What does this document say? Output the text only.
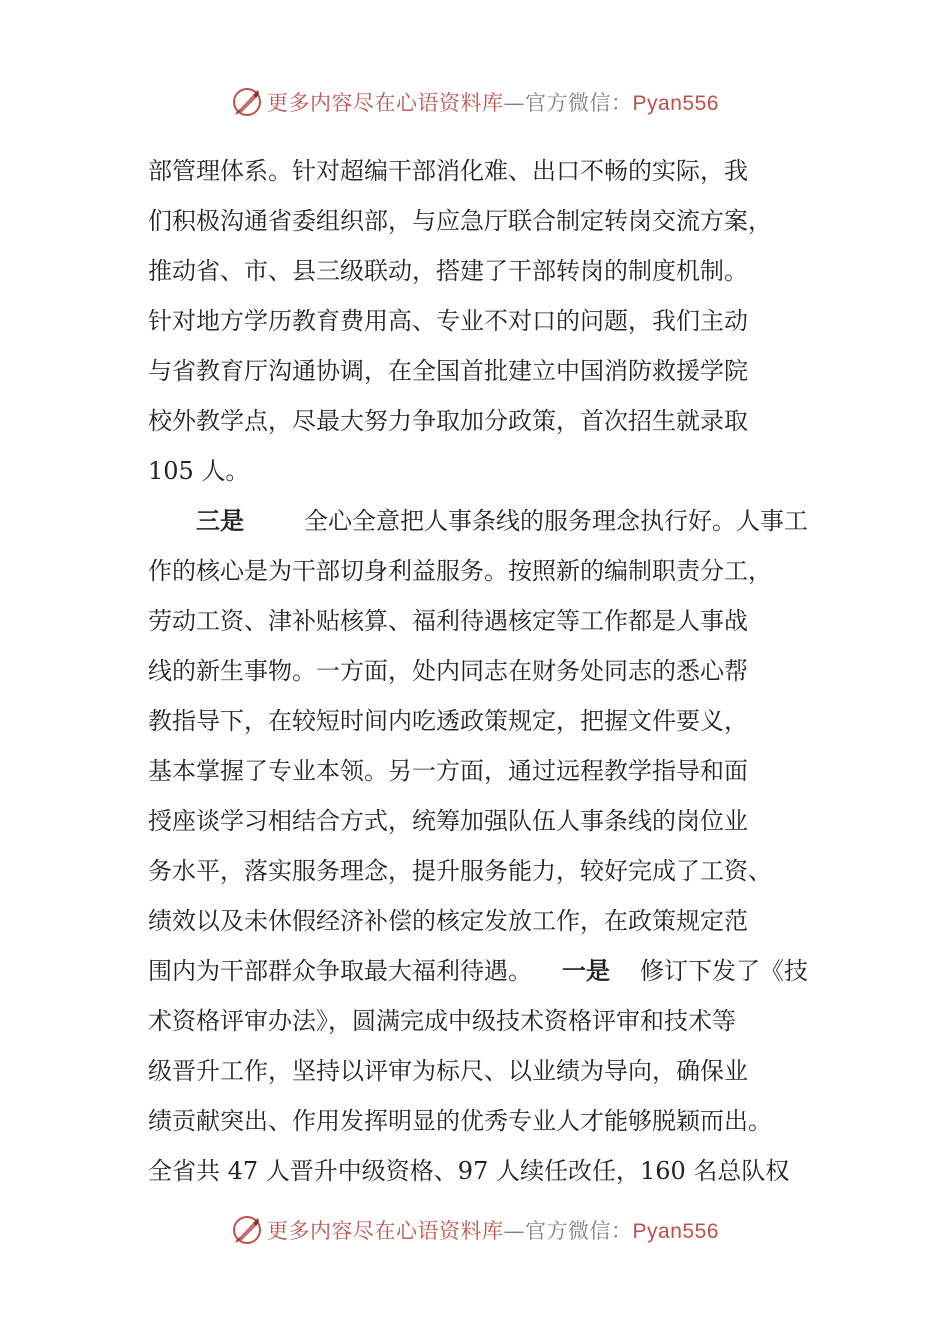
更多内容尽在心语资料库—官方微信：Pyan556
部管理体系。针对超编干部消化难、出口不畅的实际，我
们积极沟通省委组织部，与应急厅联合制定转岗交流方案，
推动省、市、县三级联动，搭建了干部转岗的制度机制。
针对地方学历教育费用高、专业不对口的问题，我们主动
与省教育厅沟通协调，在全国首批建立中国消防救援学院
校外教学点，尽最大努力争取加分政策，首次招生就录取
105 人。
三是	全心全意把人事条线的服务理念执行好。人事工
作的核心是为干部切身利益服务。按照新的编制职责分工，
劳动工资、津补贴核算、福利待遇核定等工作都是人事战
线的新生事物。一方面，处内同志在财务处同志的悉心帮
教指导下，在较短时间内吃透政策规定，把握文件要义，
基本掌握了专业本领。另一方面，通过远程教学指导和面
授座谈学习相结合方式，统筹加强队伍人事条线的岗位业
务水平，落实服务理念，提升服务能力，较好完成了工资、
绩效以及未休假经济补偿的核定发放工作，在政策规定范
围内为干部群众争取最大福利待遇。 一是 修订下发了《技
术资格评审办法》，圆满完成中级技术资格评审和技术等
级晋升工作，坚持以评审为标尺、以业绩为导向，确保业
绩贡献突出、作用发挥明显的优秀专业人才能够脱颖而出。
全省共 47 人晋升中级资格、97 人续任改任，160 名总队权
更多内容尽在心语资料库—官方微信：Pyan556
